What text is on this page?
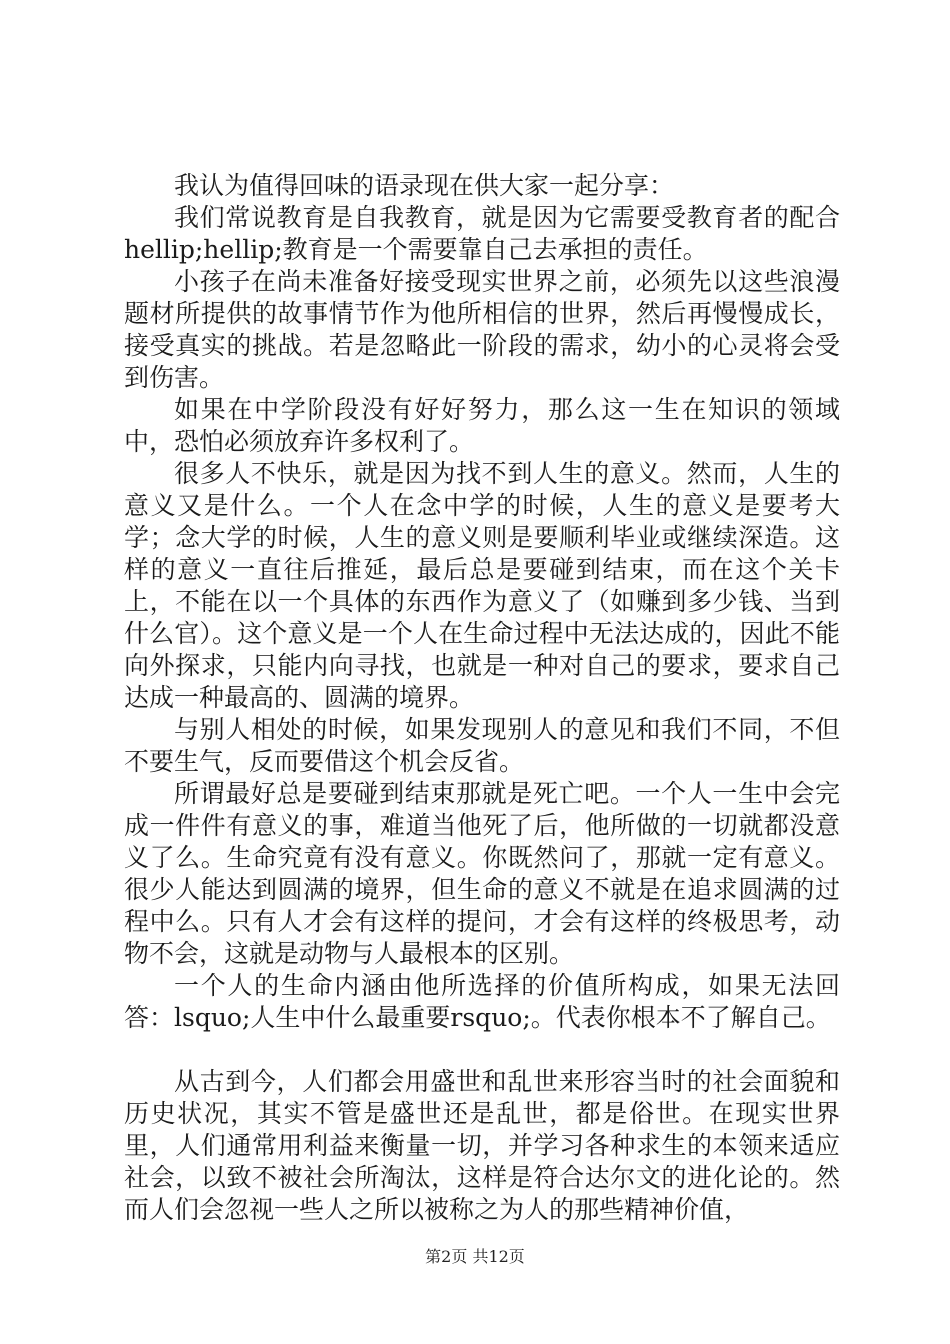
我认为值得回味的语录现在供大家一起分享：

我们常说教育是自我教育，就是因为它需要受教育者的配合hellip;hellip;教育是一个需要靠自己去承担的责任。

小孩子在尚未准备好接受现实世界之前，必须先以这些浪漫题材所提供的故事情节作为他所相信的世界，然后再慢慢成长，接受真实的挑战。若是忽略此一阶段的需求，幼小的心灵将会受到伤害。

如果在中学阶段没有好好努力，那么这一生在知识的领域中，恐怕必须放弃许多权利了。

很多人不快乐，就是因为找不到人生的意义。然而，人生的意义又是什么。一个人在念中学的时候，人生的意义是要考大学；念大学的时候，人生的意义则是要顺利毕业或继续深造。这样的意义一直往后推延，最后总是要碰到结束，而在这个关卡上，不能在以一个具体的东西作为意义了（如赚到多少钱、当到什么官）。这个意义是一个人在生命过程中无法达成的，因此不能向外探求，只能内向寻找，也就是一种对自己的要求，要求自己达成一种最高的、圆满的境界。

与别人相处的时候，如果发现别人的意见和我们不同，不但不要生气，反而要借这个机会反省。

所谓最好总是要碰到结束那就是死亡吧。一个人一生中会完成一件件有意义的事，难道当他死了后，他所做的一切就都没意义了么。生命究竟有没有意义。你既然问了，那就一定有意义。很少人能达到圆满的境界，但生命的意义不就是在追求圆满的过程中么。只有人才会有这样的提问，才会有这样的终极思考，动物不会，这就是动物与人最根本的区别。

一个人的生命内涵由他所选择的价值所构成，如果无法回答：lsquo;人生中什么最重要rsquo;。代表你根本不了解自己。

从古到今，人们都会用盛世和乱世来形容当时的社会面貌和历史状况，其实不管是盛世还是乱世，都是俗世。在现实世界里，人们通常用利益来衡量一切，并学习各种求生的本领来适应社会，以致不被社会所淘汰，这样是符合达尔文的进化论的。然而人们会忽视一些人之所以被称之为人的那些精神价值，

第2页 共12页
